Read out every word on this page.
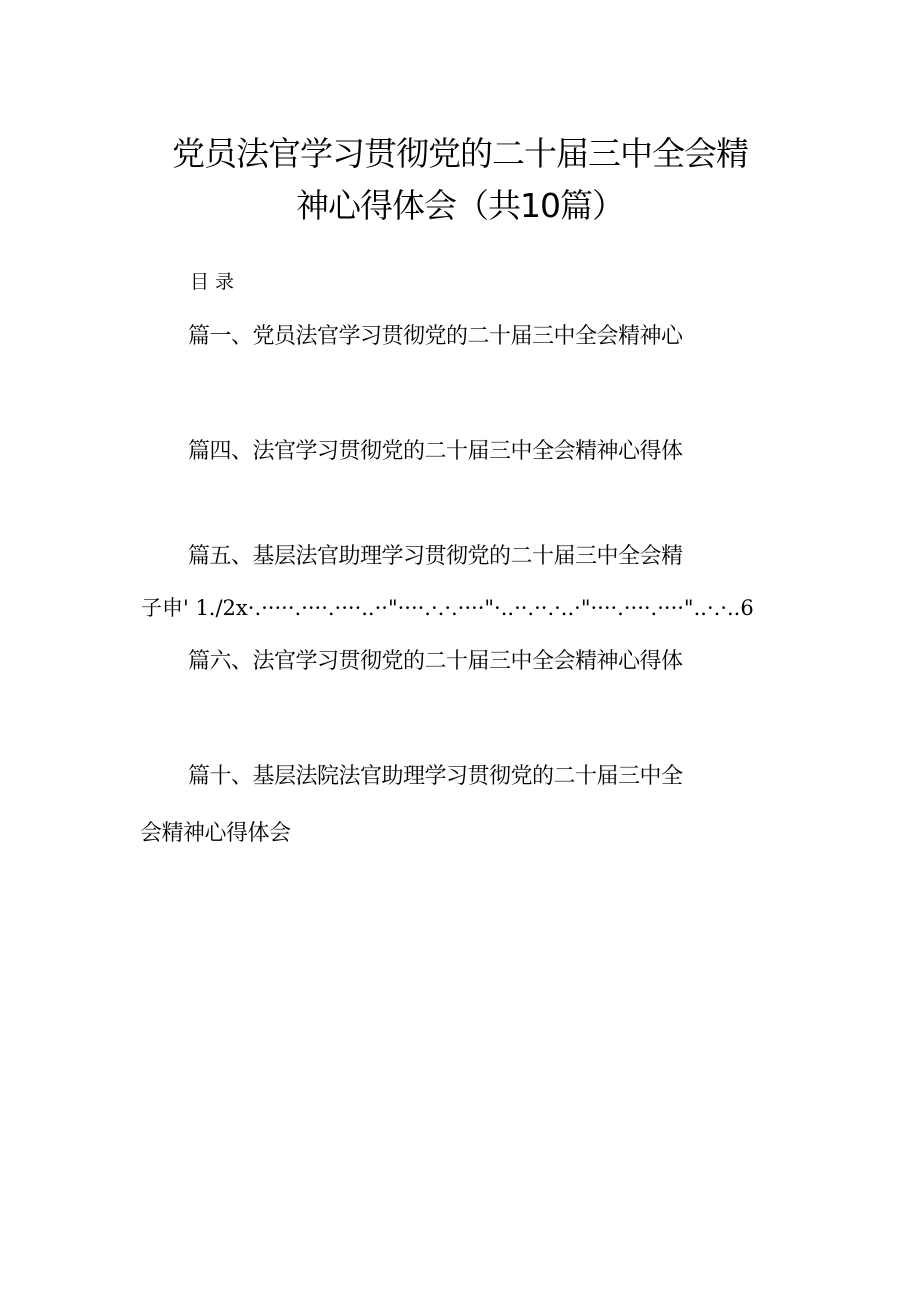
党员法官学习贯彻党的二十届三中全会精
神心得体会（共10篇）
目录
篇一、党员法官学习贯彻党的二十届三中全会精神心
篇四、法官学习贯彻党的二十届三中全会精神心得体
篇五、基层法官助理学习贯彻党的二十届三中全会精
子申' 1./2x·.·····.····.····..··"····.·.·.····"·..··.··.·..·"····.····.····"..·.·..6
篇六、法官学习贯彻党的二十届三中全会精神心得体
篇十、基层法院法官助理学习贯彻党的二十届三中全
会精神心得体会
